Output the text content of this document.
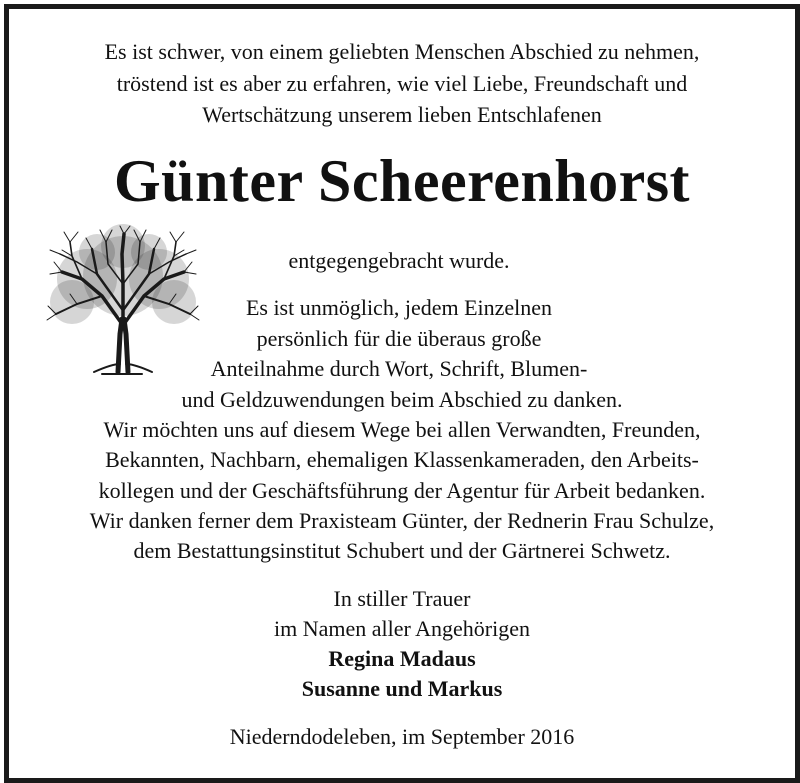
Es ist schwer, von einem geliebten Menschen Abschied zu nehmen,
tröstend ist es aber zu erfahren, wie viel Liebe, Freundschaft und
Wertschätzung unserem lieben Entschlafenen
Günter Scheerenhorst
entgegengebracht wurde.
Es ist unmöglich, jedem Einzelnen
persönlich für die überaus große
Anteilnahme durch Wort, Schrift, Blumen-
und Geldzuwendungen beim Abschied zu danken.
Wir möchten uns auf diesem Wege bei allen Verwandten, Freunden,
Bekannten, Nachbarn, ehemaligen Klassenkameraden, den Arbeits-
kollegen und der Geschäftsführung der Agentur für Arbeit bedanken.
Wir danken ferner dem Praxisteam Günter, der Rednerin Frau Schulze,
dem Bestattungsinstitut Schubert und der Gärtnerei Schwetz.
In stiller Trauer
im Namen aller Angehörigen
Regina Madaus
Susanne und Markus
Niederndodeleben, im September 2016
